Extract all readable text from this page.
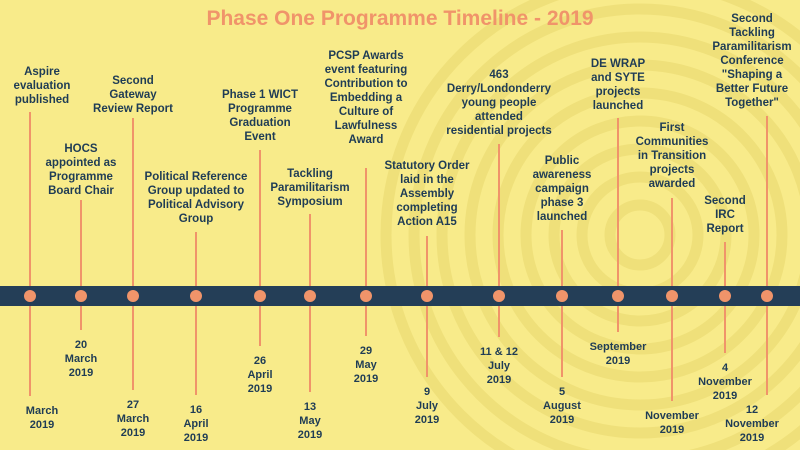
Phase One Programme Timeline - 2019
Aspire
evaluation
published
March
2019
HOCS
appointed as
Programme
Board Chair
20
March
2019
Second
Gateway
Review Report
27
March
2019
Political Reference
Group updated to
Political Advisory
Group
16
April
2019
Phase 1 WICT
Programme
Graduation
Event
26
April
2019
Tackling
Paramilitarism
Symposium
13
May
2019
PCSP Awards
event featuring
Contribution to
Embedding a
Culture of
Lawfulness
Award
29
May
2019
Statutory Order
laid in the
Assembly
completing
Action A15
9
July
2019
463
Derry/Londonderry
young people
attended
residential projects
11 & 12
July
2019
Public
awareness
campaign
phase 3
launched
5
August
2019
DE WRAP
and SYTE
projects
launched
September
2019
First
Communities
in Transition
projects
awarded
November
2019
Second
IRC
Report
4
November
2019
Second
Tackling
Paramilitarism
Conference
"Shaping a
Better Future
Together"
12
November
2019
